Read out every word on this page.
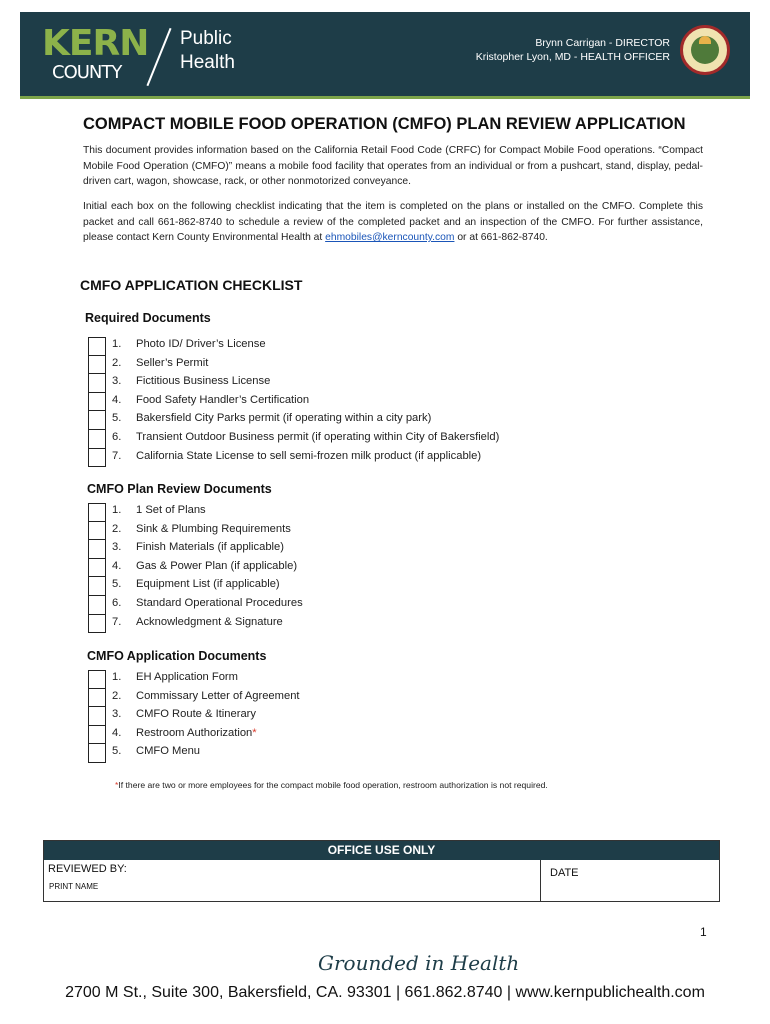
KERN
COUNTY
Public
Health
Brynn Carrigan - DIRECTOR
Kristopher Lyon, MD - HEALTH OFFICER
COMPACT MOBILE FOOD OPERATION (CMFO) PLAN REVIEW APPLICATION
This document provides information based on the California Retail Food Code (CRFC) for Compact Mobile Food operations. “Compact Mobile Food Operation (CMFO)” means a mobile food facility that operates from an individual or from a pushcart, stand, display, pedal-driven cart, wagon, showcase, rack, or other nonmotorized conveyance.
Initial each box on the following checklist indicating that the item is completed on the plans or installed on the CMFO. Complete this packet and call 661-862-8740 to schedule a review of the completed packet and an inspection of the CMFO. For further assistance, please contact Kern County Environmental Health at ehmobiles@kerncounty.com or at 661-862-8740.
CMFO APPLICATION CHECKLIST
Required Documents
1. Photo ID/ Driver’s License
2. Seller’s Permit
3. Fictitious Business License
4. Food Safety Handler’s Certification
5. Bakersfield City Parks permit (if operating within a city park)
6. Transient Outdoor Business permit (if operating within City of Bakersfield)
7. California State License to sell semi-frozen milk product (if applicable)
CMFO Plan Review Documents
1. 1 Set of Plans
2. Sink & Plumbing Requirements
3. Finish Materials (if applicable)
4. Gas & Power Plan (if applicable)
5. Equipment List (if applicable)
6. Standard Operational Procedures
7. Acknowledgment & Signature
CMFO Application Documents
1. EH Application Form
2. Commissary Letter of Agreement
3. CMFO Route & Itinerary
4. Restroom Authorization*
5. CMFO Menu
*If there are two or more employees for the compact mobile food operation, restroom authorization is not required.
OFFICE USE ONLY
REVIEWED BY:
PRINT NAME
DATE
1
Grounded in Health
2700 M St., Suite 300, Bakersfield, CA. 93301 | 661.862.8740 | www.kernpublichealth.com
